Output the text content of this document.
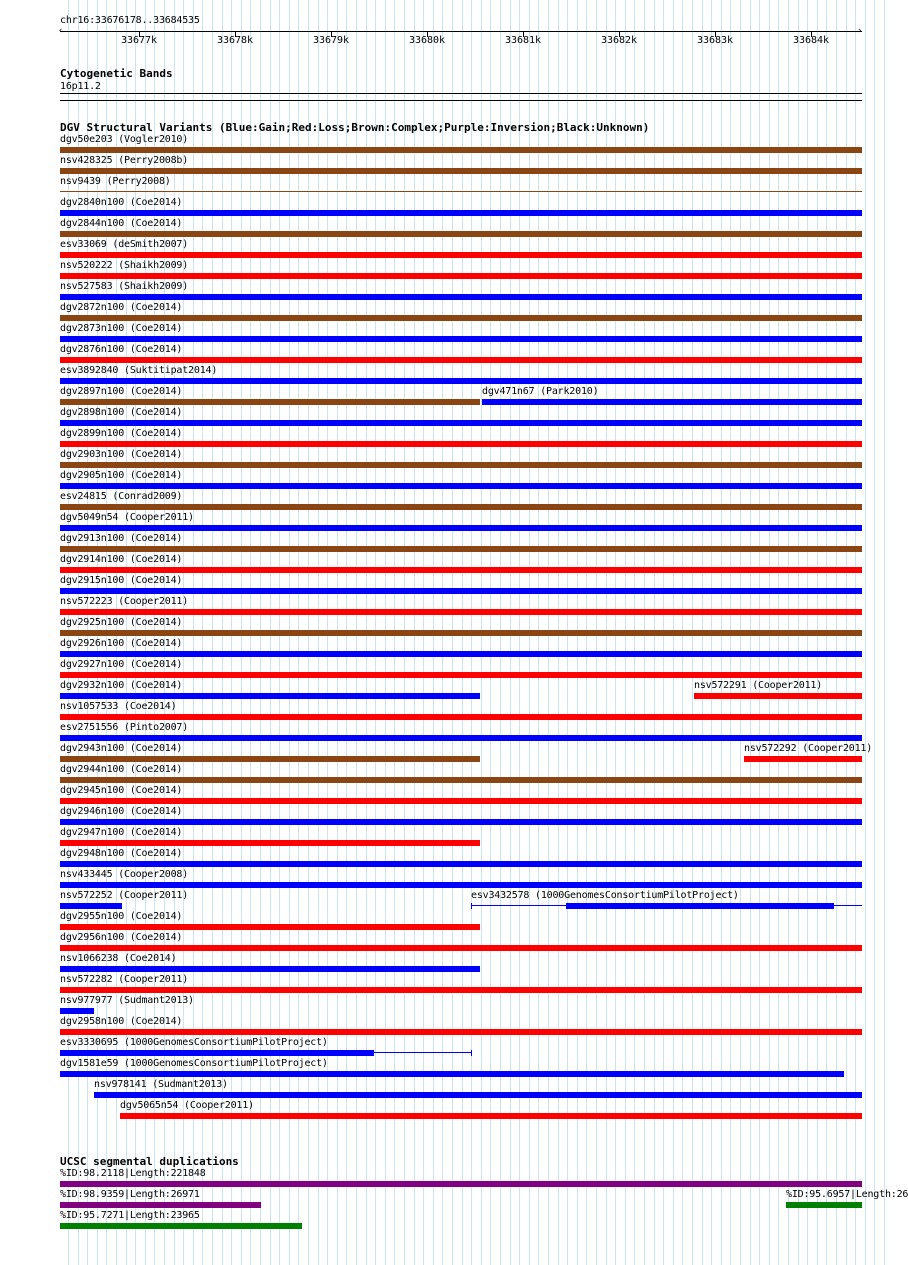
chr16:33676178..33684535
‹	›
33677k	33678k	33679k	33680k	33681k	33682k	33683k	33684k
Cytogenetic Bands
16p11.2
DGV Structural Variants (Blue:Gain;Red:Loss;Brown:Complex;Purple:Inversion;Black:Unknown)
dgv50e203 (Vogler2010)
nsv428325 (Perry2008b)
nsv9439 (Perry2008)
dgv2840n100 (Coe2014)
dgv2844n100 (Coe2014)
esv33069 (deSmith2007)
nsv520222 (Shaikh2009)
nsv527583 (Shaikh2009)
dgv2872n100 (Coe2014)
dgv2873n100 (Coe2014)
dgv2876n100 (Coe2014)
esv3892840 (Suktitipat2014)
dgv2897n100 (Coe2014)	dgv471n67 (Park2010)
dgv2898n100 (Coe2014)
dgv2899n100 (Coe2014)
dgv2903n100 (Coe2014)
dgv2905n100 (Coe2014)
esv24815 (Conrad2009)
dgv5049n54 (Cooper2011)
dgv2913n100 (Coe2014)
dgv2914n100 (Coe2014)
dgv2915n100 (Coe2014)
nsv572223 (Cooper2011)
dgv2925n100 (Coe2014)
dgv2926n100 (Coe2014)
dgv2927n100 (Coe2014)
dgv2932n100 (Coe2014)	nsv572291 (Cooper2011)
nsv1057533 (Coe2014)
esv2751556 (Pinto2007)
dgv2943n100 (Coe2014)	nsv572292 (Cooper2011)
dgv2944n100 (Coe2014)
dgv2945n100 (Coe2014)
dgv2946n100 (Coe2014)
dgv2947n100 (Coe2014)
dgv2948n100 (Coe2014)
nsv433445 (Cooper2008)
nsv572252 (Cooper2011)	esv3432578 (1000GenomesConsortiumPilotProject)
dgv2955n100 (Coe2014)
dgv2956n100 (Coe2014)
nsv1066238 (Coe2014)
nsv572282 (Cooper2011)
nsv977977 (Sudmant2013)
dgv2958n100 (Coe2014)
esv3330695 (1000GenomesConsortiumPilotProject)
dgv1581e59 (1000GenomesConsortiumPilotProject)
nsv978141 (Sudmant2013)
dgv5065n54 (Cooper2011)
UCSC segmental duplications
%ID:98.2118|Length:221848
%ID:98.9359|Length:26971	%ID:95.6957|Length:26
%ID:95.7271|Length:23965
